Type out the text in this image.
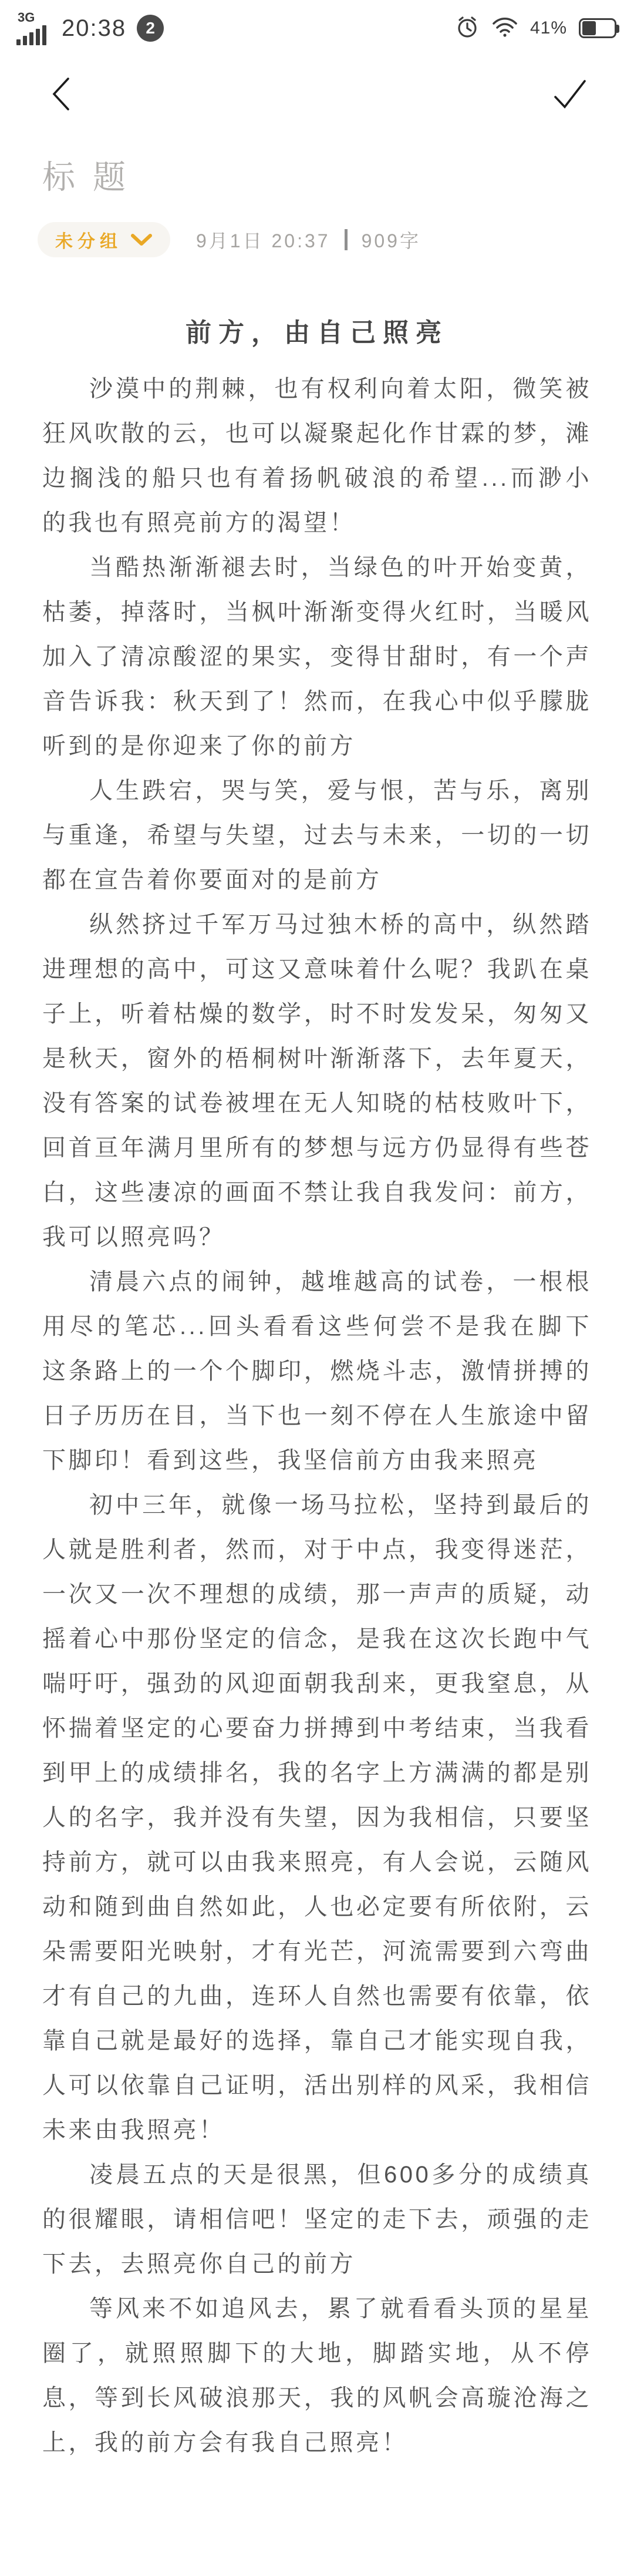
3G 20:38	2	41%
标题
未分组	9月1日 20:37 909字
前方，由自己照亮

沙漠中的荆棘，也有权利向着太阳，微笑被狂风吹散的云，也可以凝聚起化作甘霖的梦，滩边搁浅的船只也有着扬帆破浪的希望...而渺小的我也有照亮前方的渴望！

当酷热渐渐褪去时，当绿色的叶开始变黄，枯萎，掉落时，当枫叶渐渐变得火红时，当暖风加入了清凉酸涩的果实，变得甘甜时，有一个声音告诉我：秋天到了！然而，在我心中似乎朦胧听到的是你迎来了你的前方

人生跌宕，哭与笑，爱与恨，苦与乐，离别与重逢，希望与失望，过去与未来，一切的一切都在宣告着你要面对的是前方

纵然挤过千军万马过独木桥的高中，纵然踏进理想的高中，可这又意味着什么呢？我趴在桌子上，听着枯燥的数学，时不时发发呆，匆匆又是秋天，窗外的梧桐树叶渐渐落下，去年夏天，没有答案的试卷被埋在无人知晓的枯枝败叶下，回首亘年满月里所有的梦想与远方仍显得有些苍白，这些凄凉的画面不禁让我自我发问：前方，我可以照亮吗？

清晨六点的闹钟，越堆越高的试卷，一根根用尽的笔芯...回头看看这些何尝不是我在脚下这条路上的一个个脚印，燃烧斗志，激情拼搏的日子历历在目，当下也一刻不停在人生旅途中留下脚印！看到这些，我坚信前方由我来照亮

初中三年，就像一场马拉松，坚持到最后的人就是胜利者，然而，对于中点，我变得迷茫，一次又一次不理想的成绩，那一声声的质疑，动摇着心中那份坚定的信念，是我在这次长跑中气喘吁吁，强劲的风迎面朝我刮来，更我窒息，从怀揣着坚定的心要奋力拼搏到中考结束，当我看到甲上的成绩排名，我的名字上方满满的都是别人的名字，我并没有失望，因为我相信，只要坚持前方，就可以由我来照亮，有人会说，云随风动和随到曲自然如此，人也必定要有所依附，云朵需要阳光映射，才有光芒，河流需要到六弯曲才有自己的九曲，连环人自然也需要有依靠，依靠自己就是最好的选择，靠自己才能实现自我，人可以依靠自己证明，活出别样的风采，我相信未来由我照亮！

凌晨五点的天是很黑，但600多分的成绩真的很耀眼，请相信吧！坚定的走下去，顽强的走下去，去照亮你自己的前方

等风来不如追风去，累了就看看头顶的星星圈了，就照照脚下的大地，脚踏实地，从不停息，等到长风破浪那天，我的风帆会高璇沧海之上，我的前方会有我自己照亮！
